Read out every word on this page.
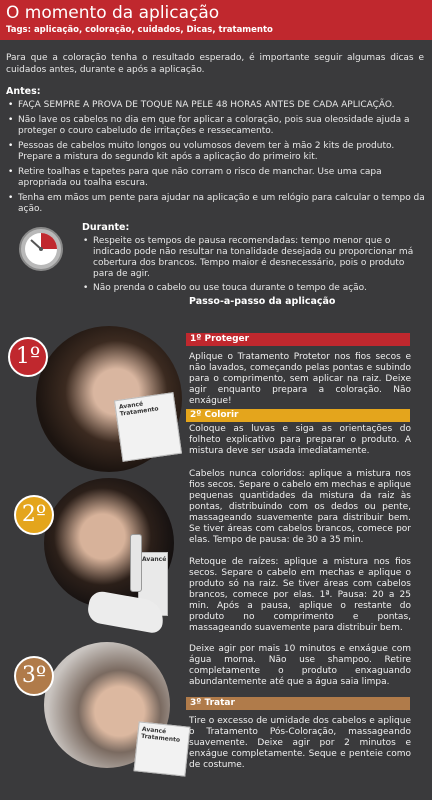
O momento da aplicação
Tags: aplicação, coloração, cuidados, Dicas, tratamento

Para que a coloração tenha o resultado esperado, é importante seguir algumas dicas e cuidados antes, durante e após a aplicação.

Antes:
• FAÇA SEMPRE A PROVA DE TOQUE NA PELE 48 HORAS ANTES DE CADA APLICAÇÃO.
• Não lave os cabelos no dia em que for aplicar a coloração, pois sua oleosidade ajuda a proteger o couro cabeludo de irritações e ressecamento.
• Pessoas de cabelos muito longos ou volumosos devem ter à mão 2 kits de produto. Prepare a mistura do segundo kit após a aplicação do primeiro kit.
• Retire toalhas e tapetes para que não corram o risco de manchar. Use uma capa apropriada ou toalha escura.
• Tenha em mãos um pente para ajudar na aplicação e um relógio para calcular o tempo da ação.
Durante:
• Respeite os tempos de pausa recomendadas: tempo menor que o indicado pode não resultar na tonalidade desejada ou proporcionar má cobertura dos brancos. Tempo maior é desnecessário, pois o produto para de agir.
• Não prenda o cabelo ou use touca durante o tempo de ação.
Passo-a-passo da aplicação
Avancé Tratamento
1º
1º Proteger

Aplique o Tratamento Protetor nos fios secos e não lavados, começando pelas pontas e subindo para o comprimento, sem aplicar na raiz. Deixe agir enquanto prepara a coloração. Não enxágue!

Avancé
2º
2º Colorir

Coloque as luvas e siga as orientações do folheto explicativo para preparar o produto. A mistura deve ser usada imediatamente.

Cabelos nunca coloridos: aplique a mistura nos fios secos. Separe o cabelo em mechas e aplique pequenas quantidades da mistura da raiz às pontas, distribuindo com os dedos ou pente, massageando suavemente para distribuir bem. Se tiver áreas com cabelos brancos, comece por elas. Tempo de pausa: de 30 a 35 min.

Retoque de raízes: aplique a mistura nos fios secos. Separe o cabelo em mechas e aplique o produto só na raiz. Se tiver áreas com cabelos brancos, comece por elas. 1ª. Pausa: 20 a 25 min. Após a pausa, aplique o restante do produto no comprimento e pontas, massageando suavemente para distribuir bem.

Deixe agir por mais 10 minutos e enxágue com água morna. Não use shampoo. Retire completamente o produto enxaguando abundantemente até que a água saia limpa.

Avancé Tratamento
3º
3º Tratar

Tire o excesso de umidade dos cabelos e aplique o Tratamento Pós-Coloração, massageando suavemente. Deixe agir por 2 minutos e enxágue completamente. Seque e penteie como de costume.
